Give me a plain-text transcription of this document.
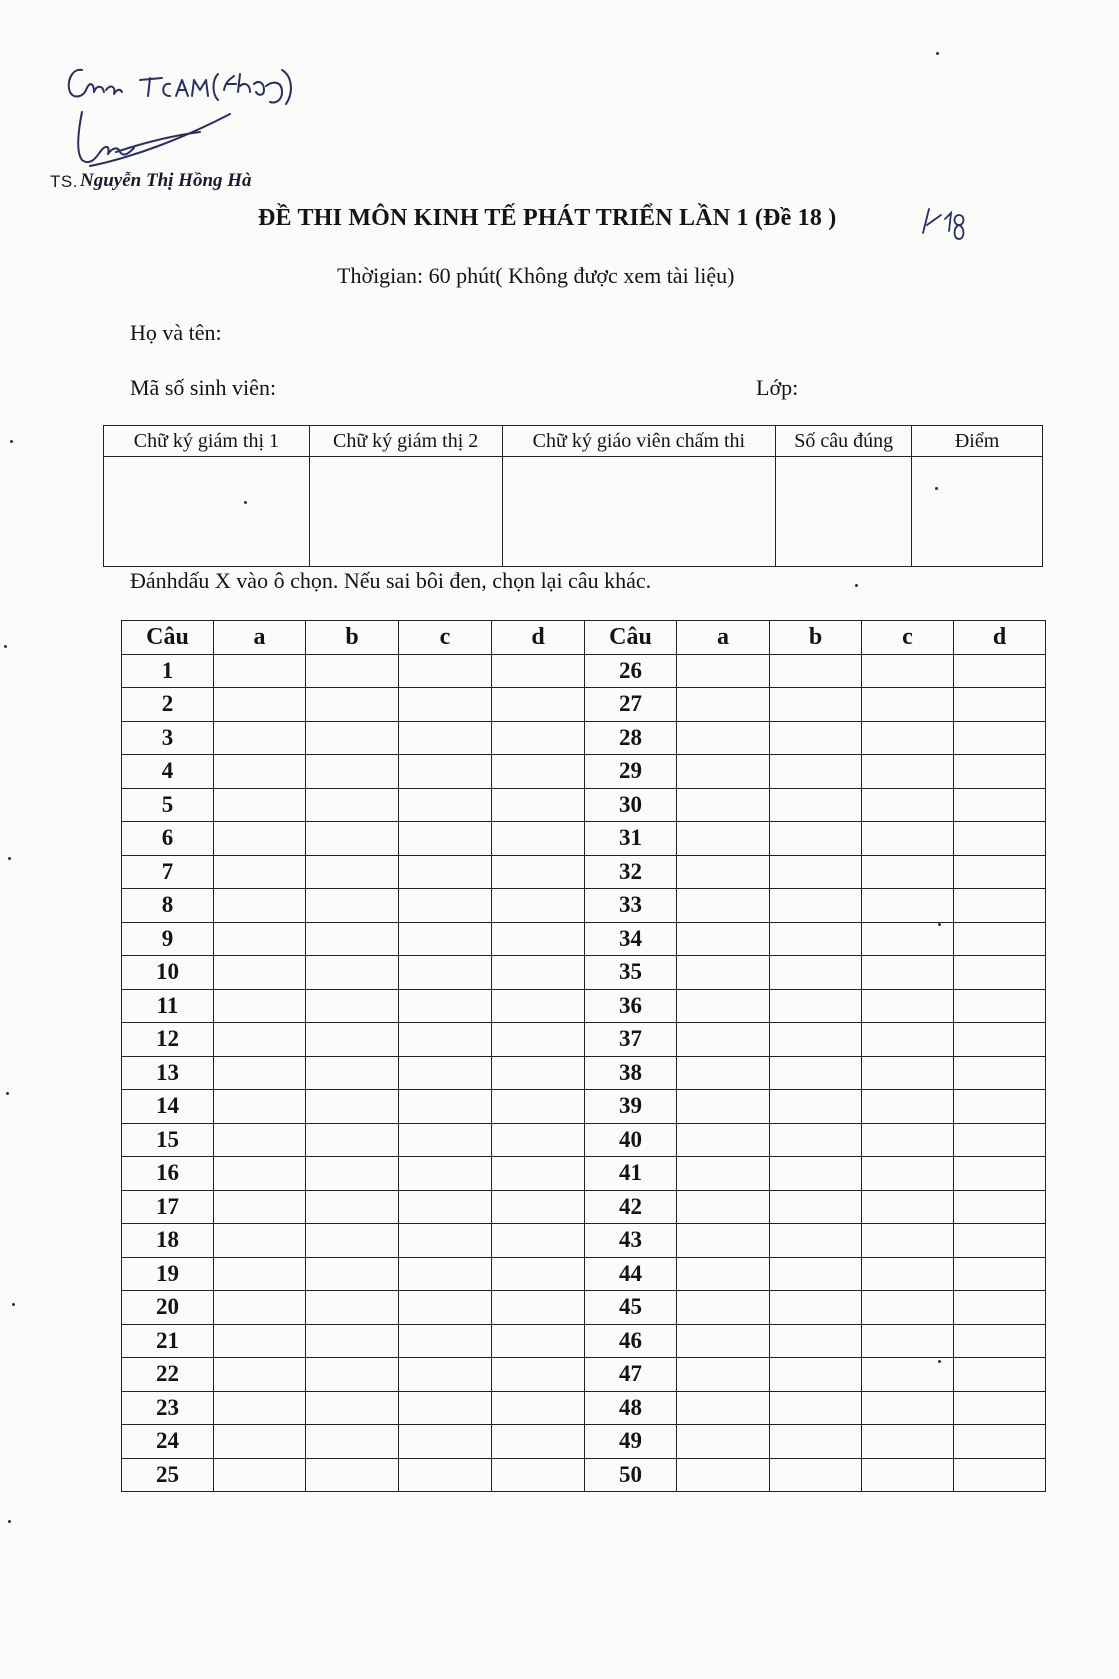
TS. Nguyễn Thị Hồng Hà
ĐỀ THI MÔN KINH TẾ PHÁT TRIỂN LẦN 1 (Đề 18 )
Thờigian: 60 phút( Không được xem tài liệu)
Họ và tên:
Mã số sinh viên:	Lớp:
Chữ ký giám thị 1	Chữ ký giám thị 2	Chữ ký giáo viên chấm thi	Số câu đúng	Điểm

Đánhdấu X vào ô chọn. Nếu sai bôi đen, chọn lại câu khác.
Câu	a	b	c	d	Câu	a	b	c	d
1					26				
2					27				
3					28				
4					29				
5					30				
6					31				
7					32				
8					33				
9					34				
10					35				
11					36				
12					37				
13					38				
14					39				
15					40				
16					41				
17					42				
18					43				
19					44				
20					45				
21					46				
22					47				
23					48				
24					49				
25					50				
